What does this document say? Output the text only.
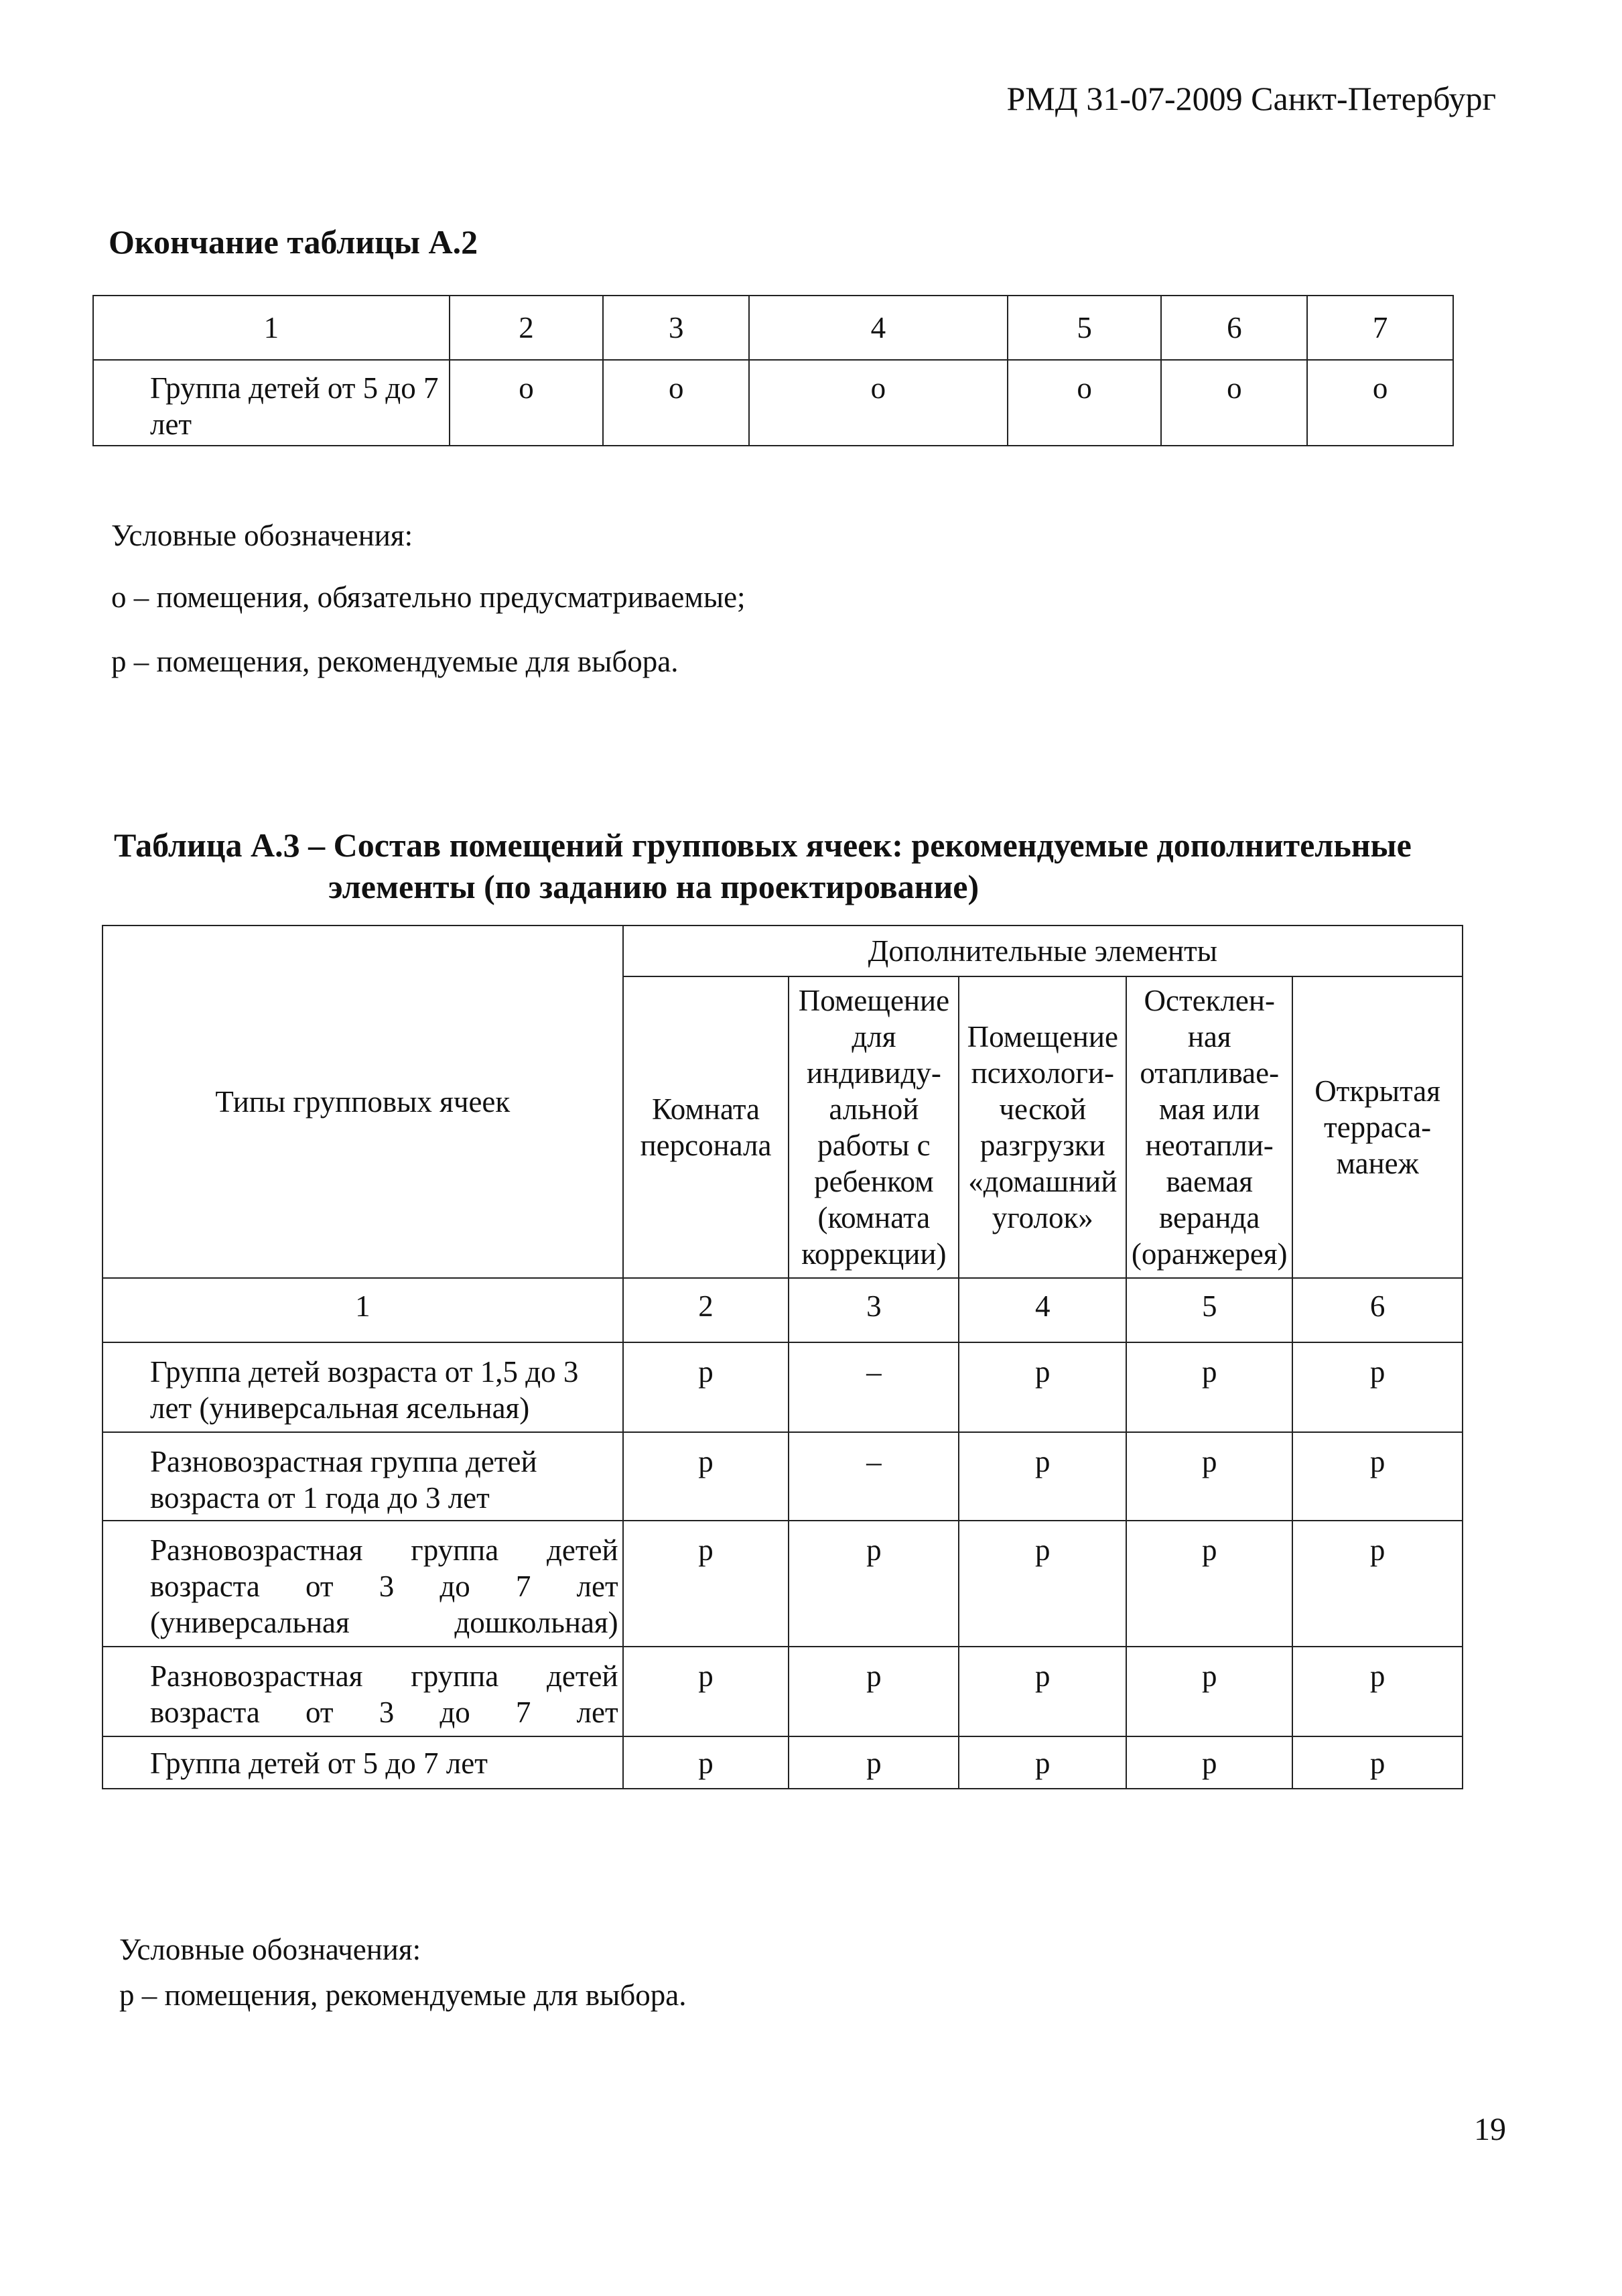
РМД 31-07-2009 Санкт-Петербург
Окончание таблицы А.2
1	2	3	4	5	6	7
Группа детей от 5 до 7 лет	о	о	о	о	о	о
Условные обозначения:
о – помещения, обязательно предусматриваемые;
р – помещения, рекомендуемые для выбора.
Таблица А.3 – Состав помещений групповых ячеек: рекомендуемые дополнительные
элементы (по заданию на проектирование)
Типы групповых ячеек	Дополнительные элементы				
	Комната персонала	Помещение для индивиду-альной работы с ребенком (комната коррекции)	Помещение психологи-ческой разгрузки «домашний уголок»	Остеклен-ная отапливае-мая или неотапли-ваемая веранда (оранжерея)	Открытая терраса-манеж
1	2	3	4	5	6
Группа детей возраста от 1,5 до 3 лет (универсальная ясельная)	р	–	р	р	р
Разновозрастная группа детей возраста от 1 года до 3 лет	р	–	р	р	р

Разновозрастная группа детей возраста от 3 до 7 лет (универсальная дошкольная)	р	р	р	р	р

Разновозрастная группа детей возраста от 3 до 7 лет	р	р	р	р	р
Группа детей от 5 до 7 лет	р	р	р	р	р
Условные обозначения:
р – помещения, рекомендуемые для выбора.
19
